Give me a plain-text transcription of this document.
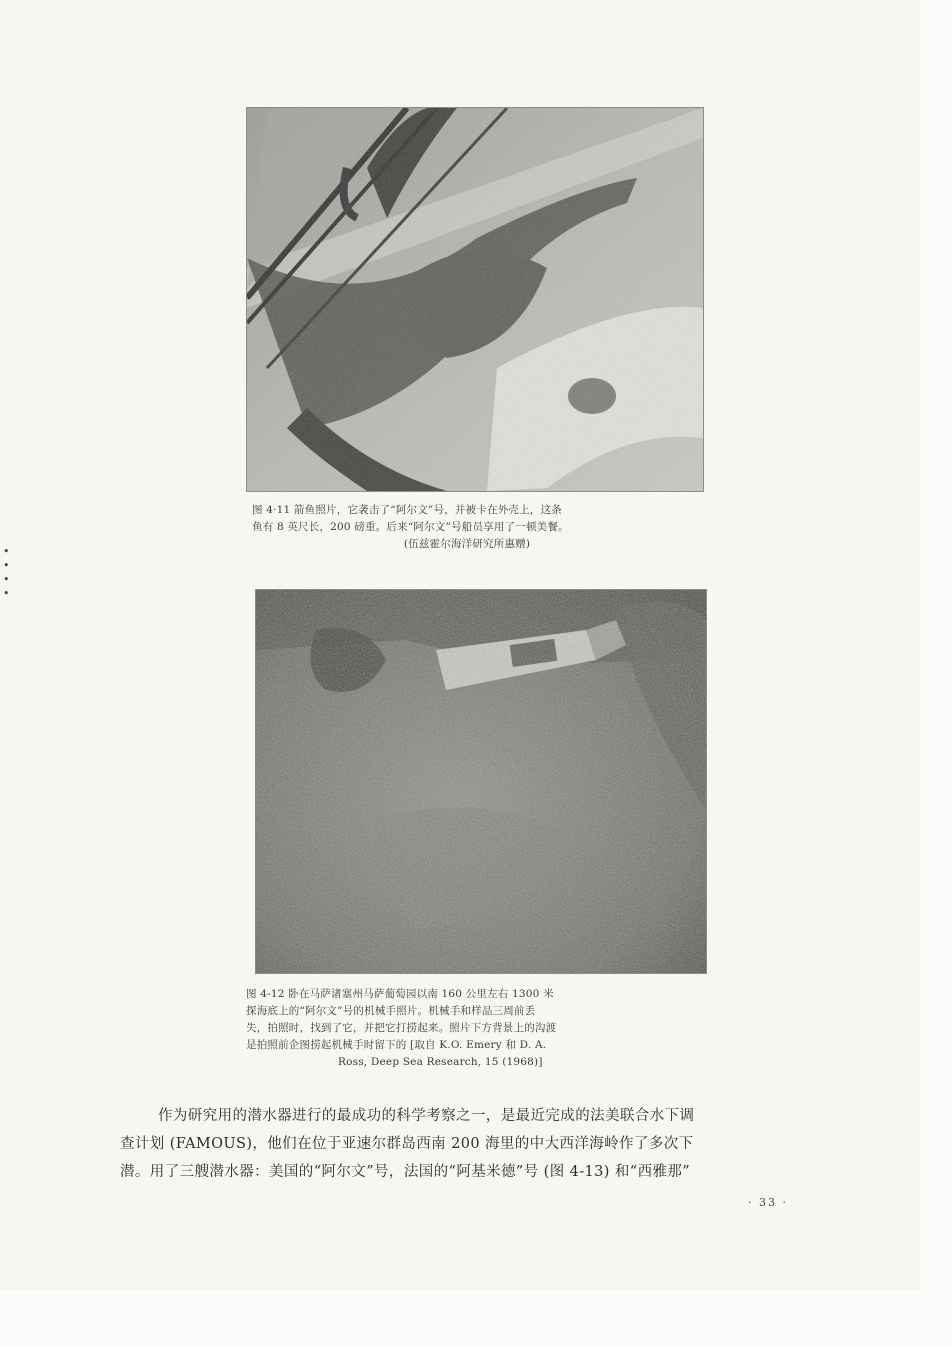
• • • •
图 4·11 箭鱼照片，它袭击了“阿尔文”号，并被卡在外壳上，这条
鱼有 8 英尺长，200 磅重。后来“阿尔文”号船员享用了一顿美餐。

(伍兹霍尔海洋研究所惠赠)
图 4-12 卧在马萨诸塞州马萨葡萄园以南 160 公里左右 1300 米
探海底上的“阿尔文”号的机械手照片。机械手和样品三周前丢
失，拍照时，找到了它，并把它打捞起来。照片下方背景上的沟渡
是拍照前企图捞起机械手时留下的 [取自 K.O. Emery 和 D. A.

Ross, Deep Sea Research, 15 (1968)]
作为研究用的潜水器进行的最成功的科学考察之一，是最近完成的法美联合水下调
查计划 (FAMOUS)，他们在位于亚速尔群岛西南 200 海里的中大西洋海岭作了多次下
潜。用了三艘潜水器：美国的“阿尔文”号，法国的“阿基米德”号 (图 4-13) 和“西雅那”
· 33 ·
